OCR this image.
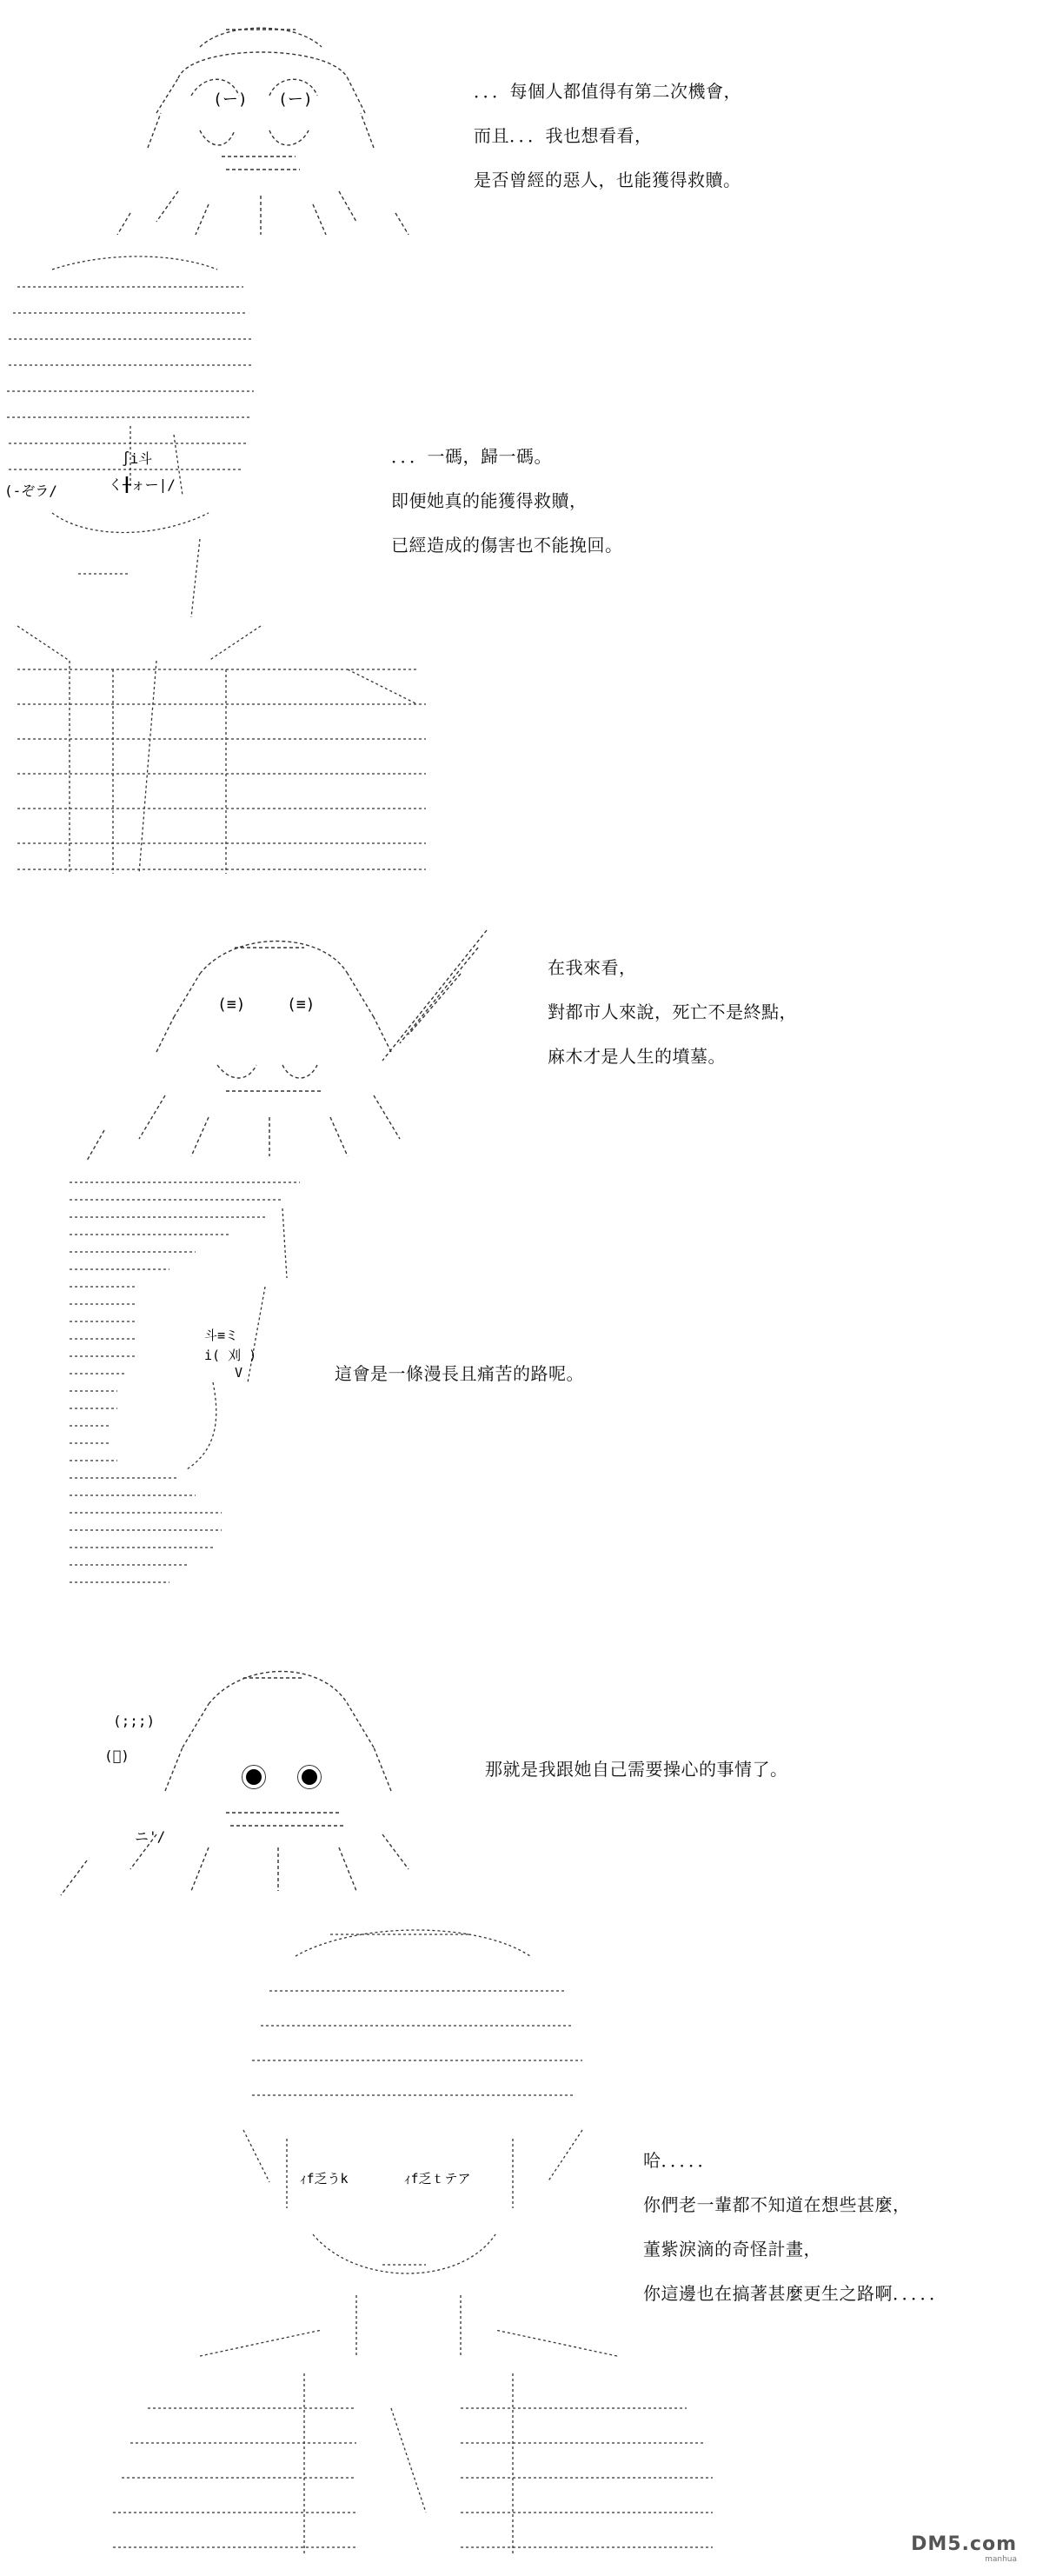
(ー) (ー)	．．．每個人都值得有第二次機會，
而且．．．我也想看看，
是否曾經的惡人，也能獲得救贖。
∫i斗
(-ぞラ/	く╂ォー|/
．．．一碼，歸一碼。
即便她真的能獲得救贖，
已經造成的傷害也不能挽回。
(≡)	(≡)
在我來看，
對都市人來說，死亡不是終點，
麻木才是人生的墳墓。
斗≡ミ
i( 刈 )
V	這會是一條漫長且痛苦的路呢。
(;;;)
ニ'/
(ﾞ)
那就是我跟她自己需要操心的事情了。
ｨf乏うk	ｨf乏ｔテア
哈．．．．．
你們老一輩都不知道在想些甚麼，
董紫淚滴的奇怪計畫，
你這邊也在搞著甚麼更生之路啊．．．．．
DM5.com
manhua
